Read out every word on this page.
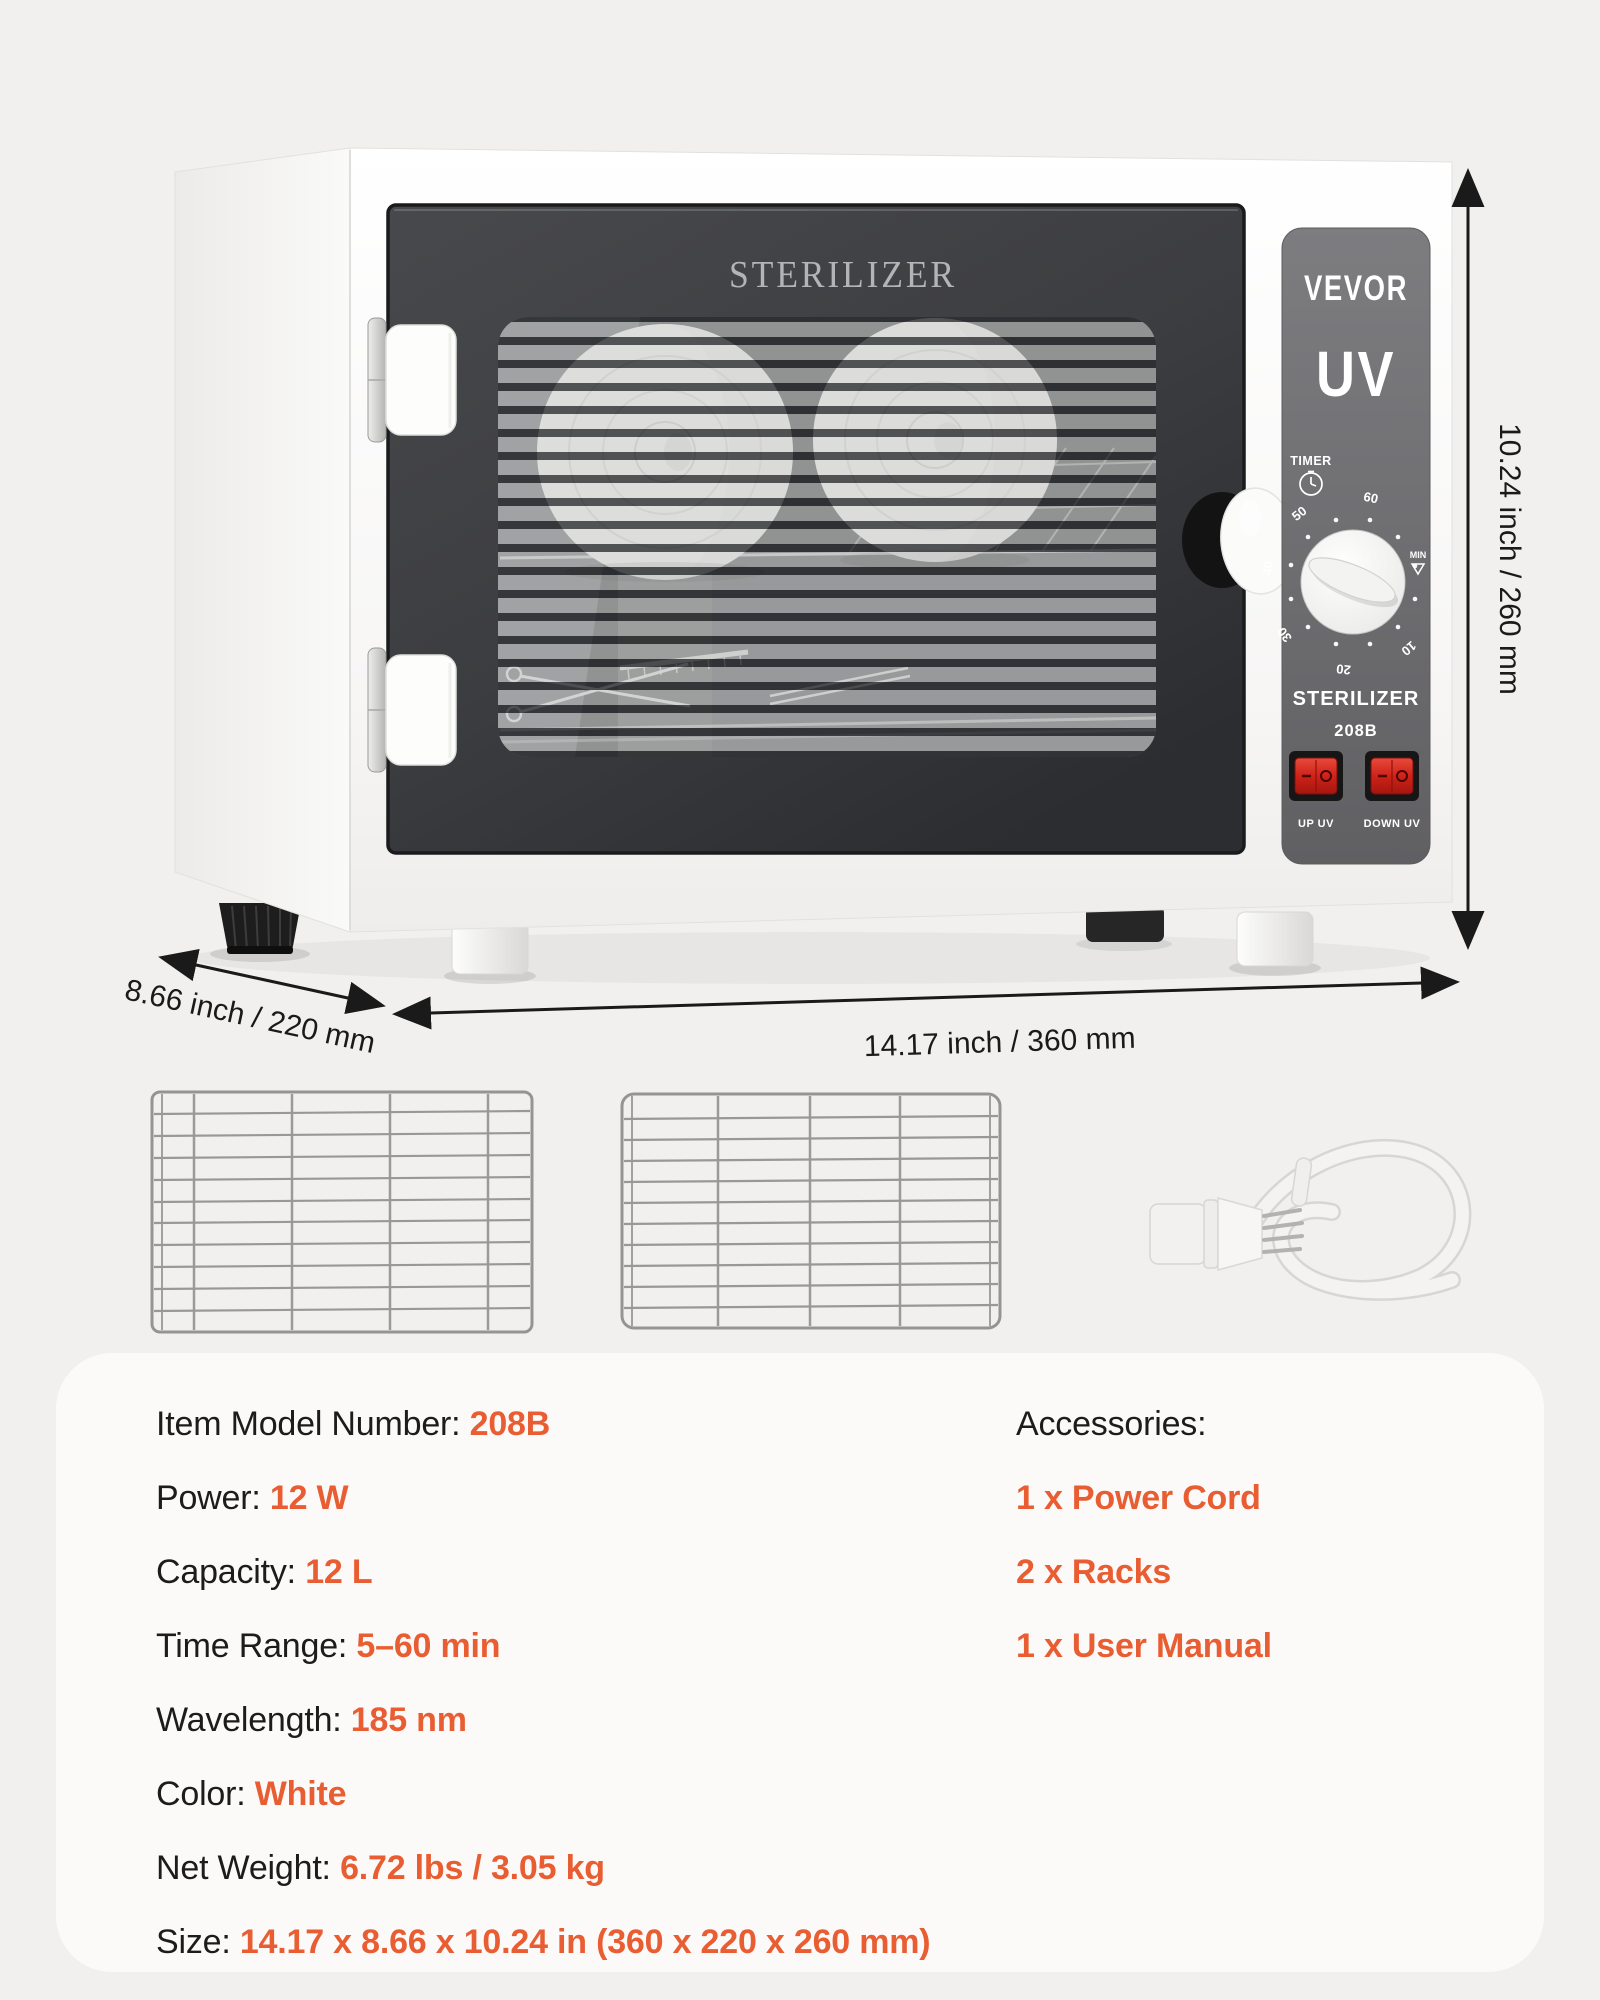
STERILIZER	VEVOR
UV
TIMER
60
50
40
30
20
10
MIN
STERILIZER
208B
UP UV	DOWN UV
10.24 inch / 260 mm
8.66 inch / 220 mm	14.17 inch / 360 mm
Item Model Number: 208B
Power: 12 W
Capacity: 12 L
Time Range: 5–60 min
Wavelength: 185 nm
Color: White
Net Weight: 6.72 lbs / 3.05 kg
Size: 14.17 x 8.66 x 10.24 in (360 x 220 x 260 mm)
Accessories:
1 x Power Cord
2 x Racks
1 x User Manual
